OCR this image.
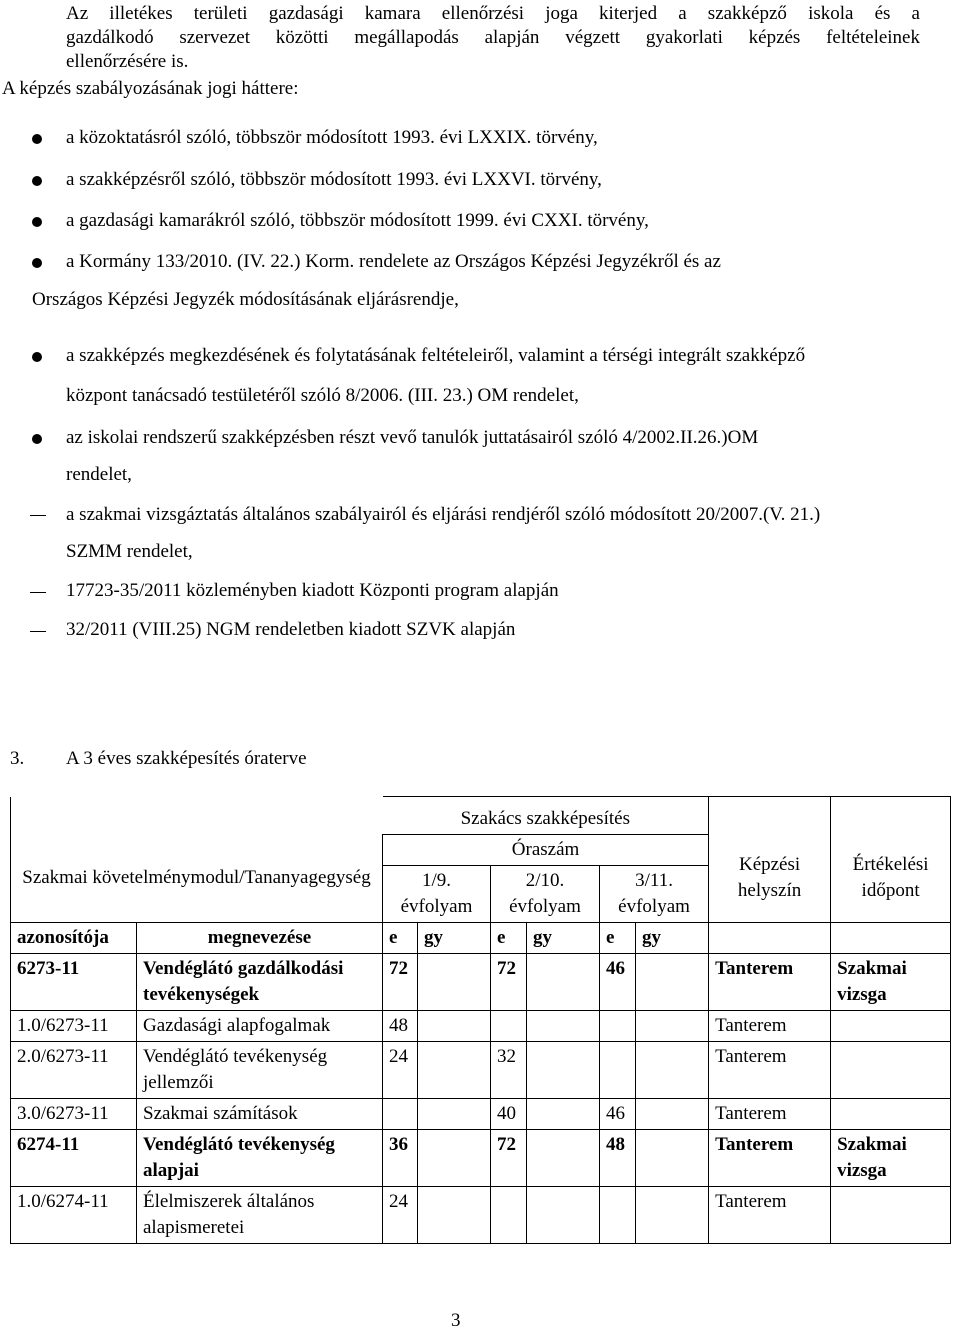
Az illetékes területi gazdasági kamara ellenőrzési joga kiterjed a szakképző iskola és a
gazdálkodó szervezet közötti megállapodás alapján végzett gyakorlati képzés feltételeinek
ellenőrzésére is.
A képzés szabályozásának jogi háttere:
a közoktatásról szóló, többször módosított 1993. évi LXXIX. törvény,
a szakképzésről szóló, többször módosított 1993. évi LXXVI. törvény,
a gazdasági kamarákról szóló, többször módosított 1999. évi CXXI. törvény,
a Kormány 133/2010. (IV. 22.) Korm. rendelete az Országos Képzési Jegyzékről és az
Országos Képzési Jegyzék módosításának eljárásrendje,
a szakképzés megkezdésének és folytatásának feltételeiről, valamint a térségi integrált szakképző
központ tanácsadó testületéről szóló 8/2006. (III. 23.) OM rendelet,
az iskolai rendszerű szakképzésben részt vevő tanulók juttatásairól szóló 4/2002.II.26.)OM
rendelet,
a szakmai vizsgáztatás általános szabályairól és eljárási rendjéről szóló módosított 20/2007.(V. 21.)
SZMM rendelet,
17723-35/2011 közleményben kiadott Központi program alapján
32/2011 (VIII.25) NGM rendeletben kiadott SZVK alapján
3. A 3 éves szakképesítés óraterve
		Szakács szakképesítés							
Szakmai követelménymodul/Tananyagegység		Óraszám						Képzési helyszín	Értékelési időpont
		1/9. évfolyam		2/10. évfolyam		3/11. évfolyam			
azonosítója	megnevezése	e	gy	e	gy	e	gy		
6273-11	Vendéglátó gazdálkodási tevékenységek	72		72		46		Tanterem	Szakmai vizsga
1.0/6273-11	Gazdasági alapfogalmak	48						Tanterem	
2.0/6273-11	Vendéglátó tevékenység jellemzői	24		32				Tanterem	
3.0/6273-11	Szakmai számítások			40		46		Tanterem	
6274-11	Vendéglátó tevékenység alapjai	36		72		48		Tanterem	Szakmai vizsga
1.0/6274-11	Élelmiszerek általános alapismeretei	24						Tanterem	
3
